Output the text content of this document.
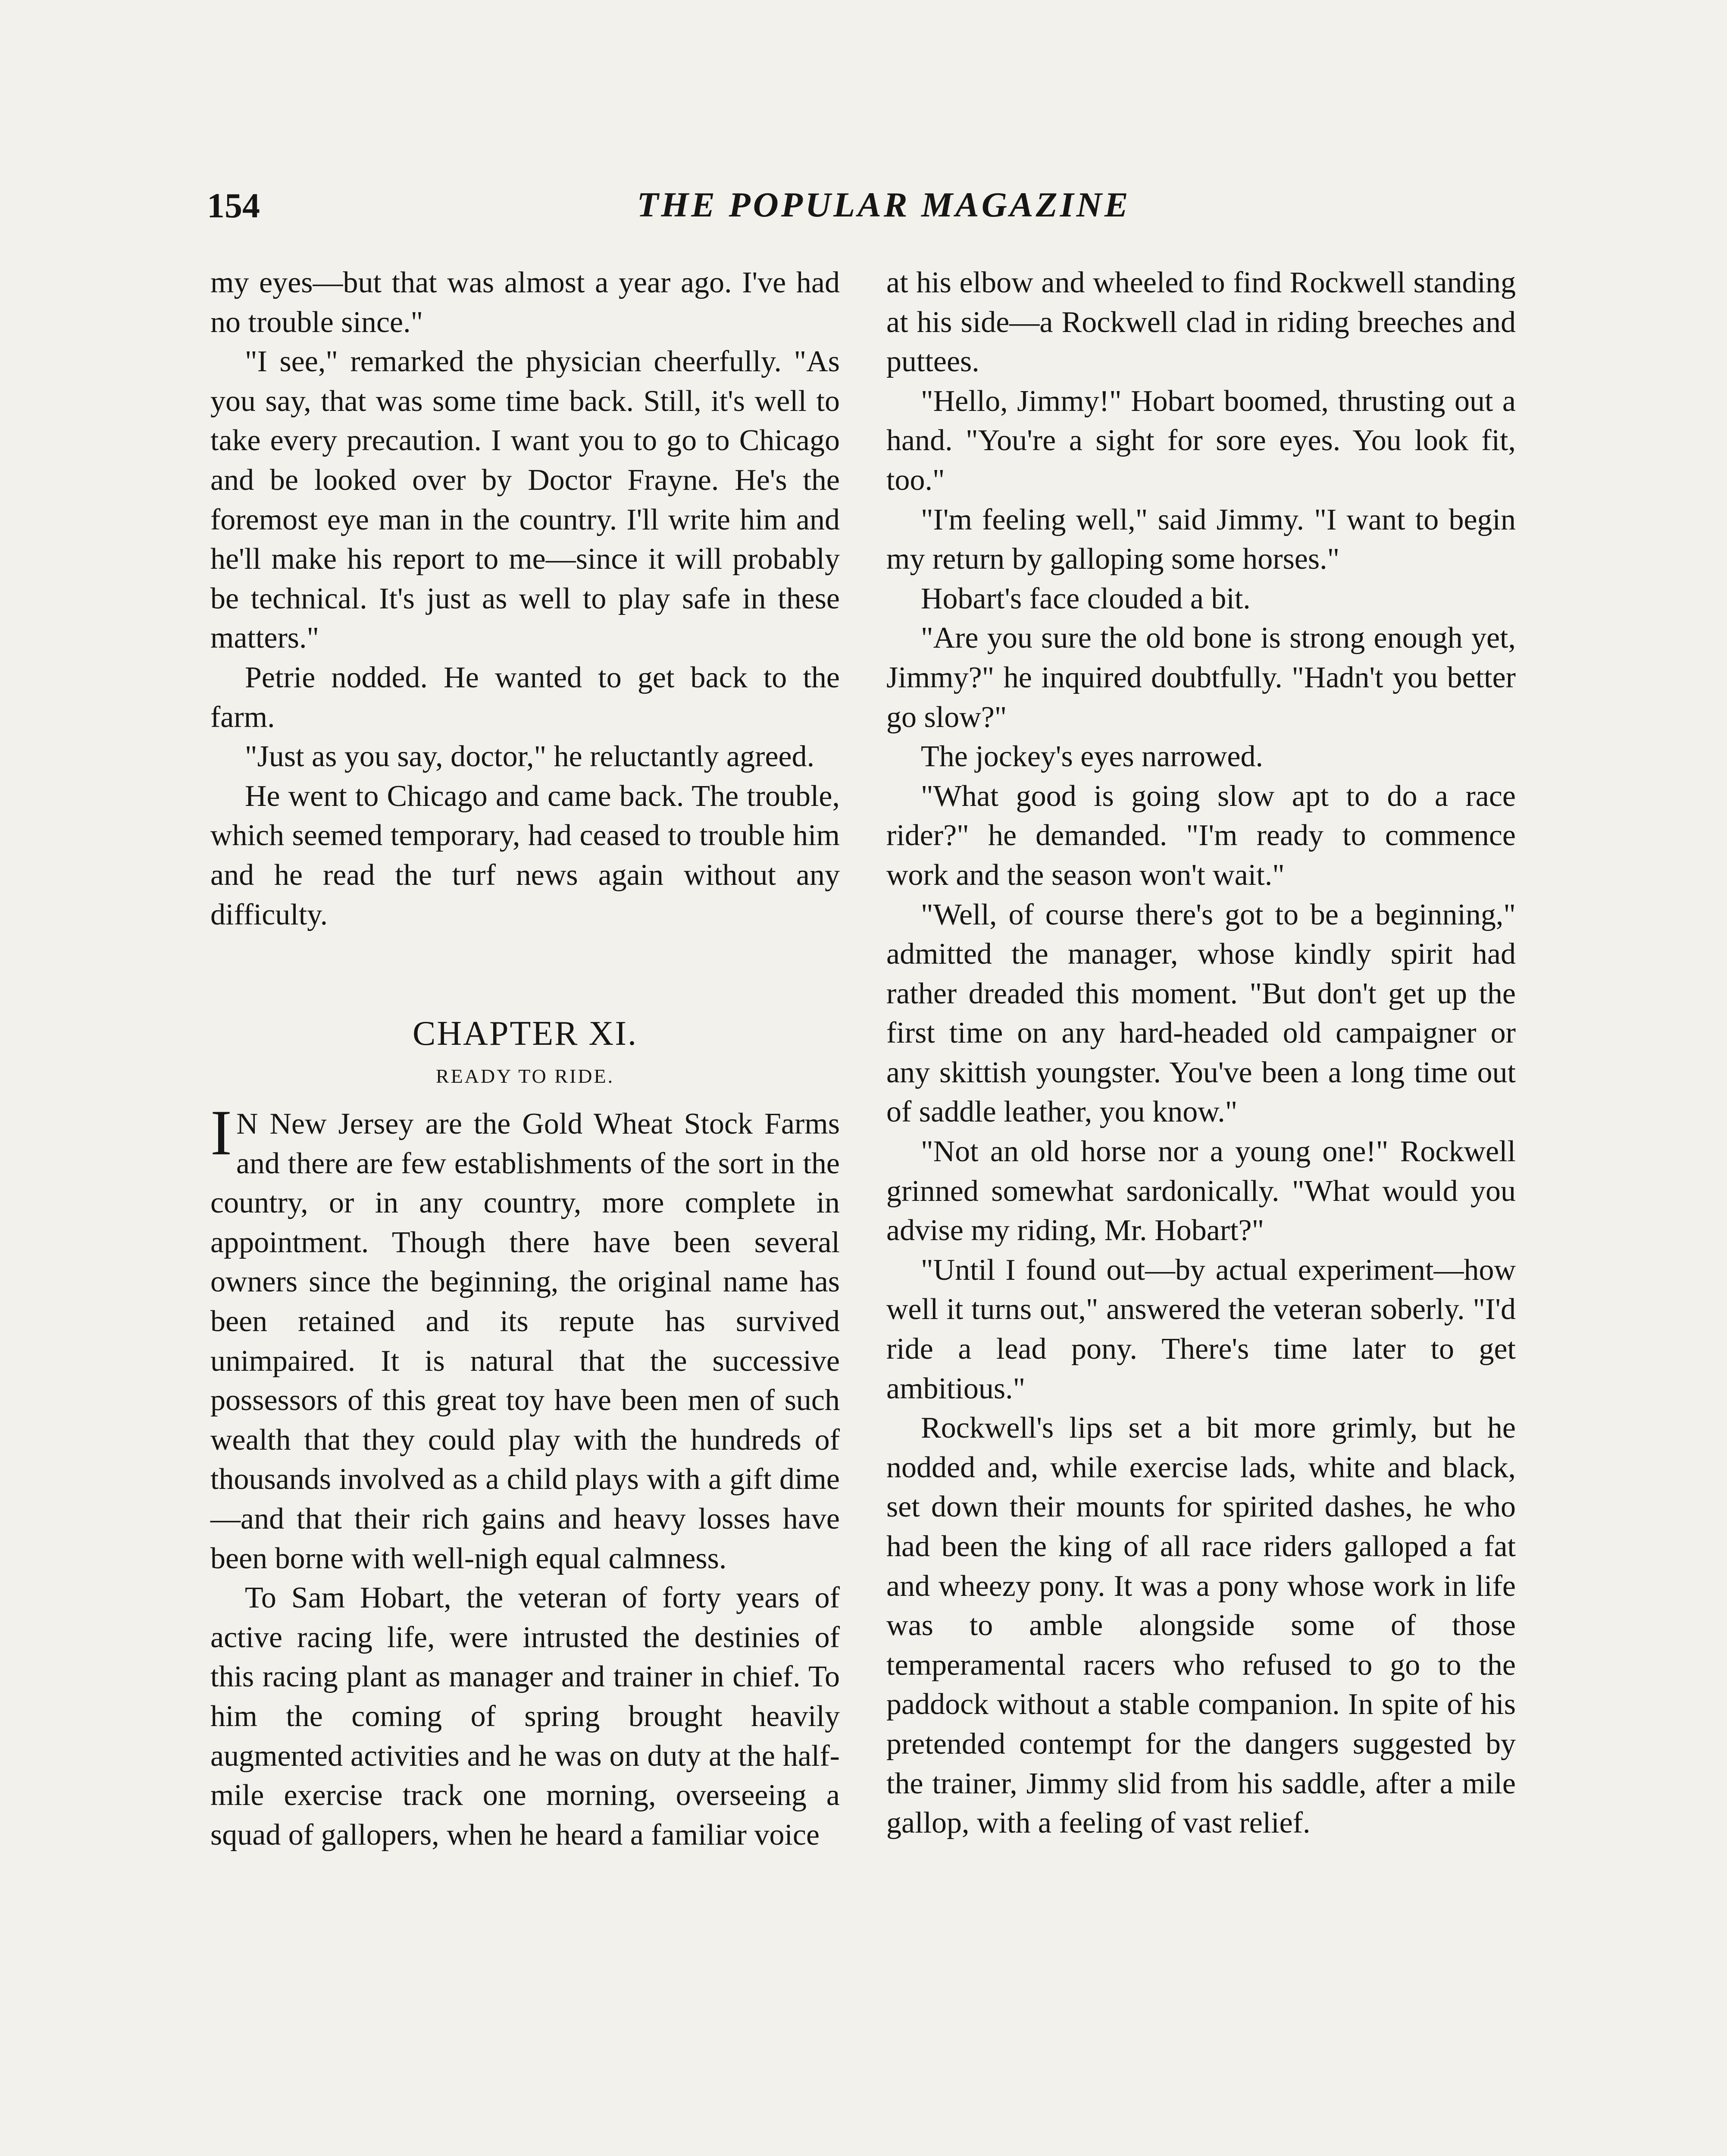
154	THE POPULAR MAGAZINE

my eyes—but that was almost a year ago. I've had no trouble since."

"I see," remarked the physician cheerfully. "As you say, that was some time back. Still, it's well to take every precaution. I want you to go to Chicago and be looked over by Doctor Frayne. He's the foremost eye man in the country. I'll write him and he'll make his report to me—since it will probably be technical. It's just as well to play safe in these matters."

Petrie nodded. He wanted to get back to the farm.

"Just as you say, doctor," he reluctantly agreed.

He went to Chicago and came back. The trouble, which seemed temporary, had ceased to trouble him and he read the turf news again without any difficulty.

CHAPTER XI.
READY TO RIDE.

I N New Jersey are the Gold Wheat Stock Farms and there are few establishments of the sort in the country, or in any country, more complete in appointment. Though there have been several owners since the beginning, the original name has been retained and its repute has survived unimpaired. It is natural that the successive possessors of this great toy have been men of such wealth that they could play with the hundreds of thousands involved as a child plays with a gift dime—and that their rich gains and heavy losses have been borne with well-nigh equal calmness.

To Sam Hobart, the veteran of forty years of active racing life, were intrusted the destinies of this racing plant as manager and trainer in chief. To him the coming of spring brought heavily augmented activities and he was on duty at the half-mile exercise track one morning, overseeing a squad of gallopers, when he heard a familiar voice

at his elbow and wheeled to find Rockwell standing at his side—a Rockwell clad in riding breeches and puttees.

"Hello, Jimmy!" Hobart boomed, thrusting out a hand. "You're a sight for sore eyes. You look fit, too."

"I'm feeling well," said Jimmy. "I want to begin my return by galloping some horses."

Hobart's face clouded a bit.

"Are you sure the old bone is strong enough yet, Jimmy?" he inquired doubtfully. "Hadn't you better go slow?"

The jockey's eyes narrowed.

"What good is going slow apt to do a race rider?" he demanded. "I'm ready to commence work and the season won't wait."

"Well, of course there's got to be a beginning," admitted the manager, whose kindly spirit had rather dreaded this moment. "But don't get up the first time on any hard-headed old campaigner or any skittish youngster. You've been a long time out of saddle leather, you know."

"Not an old horse nor a young one!" Rockwell grinned somewhat sardonically. "What would you advise my riding, Mr. Hobart?"

"Until I found out—by actual experiment—how well it turns out," answered the veteran soberly. "I'd ride a lead pony. There's time later to get ambitious."

Rockwell's lips set a bit more grimly, but he nodded and, while exercise lads, white and black, set down their mounts for spirited dashes, he who had been the king of all race riders galloped a fat and wheezy pony. It was a pony whose work in life was to amble alongside some of those temperamental racers who refused to go to the paddock without a stable companion. In spite of his pretended contempt for the dangers suggested by the trainer, Jimmy slid from his saddle, after a mile gallop, with a feeling of vast relief.
